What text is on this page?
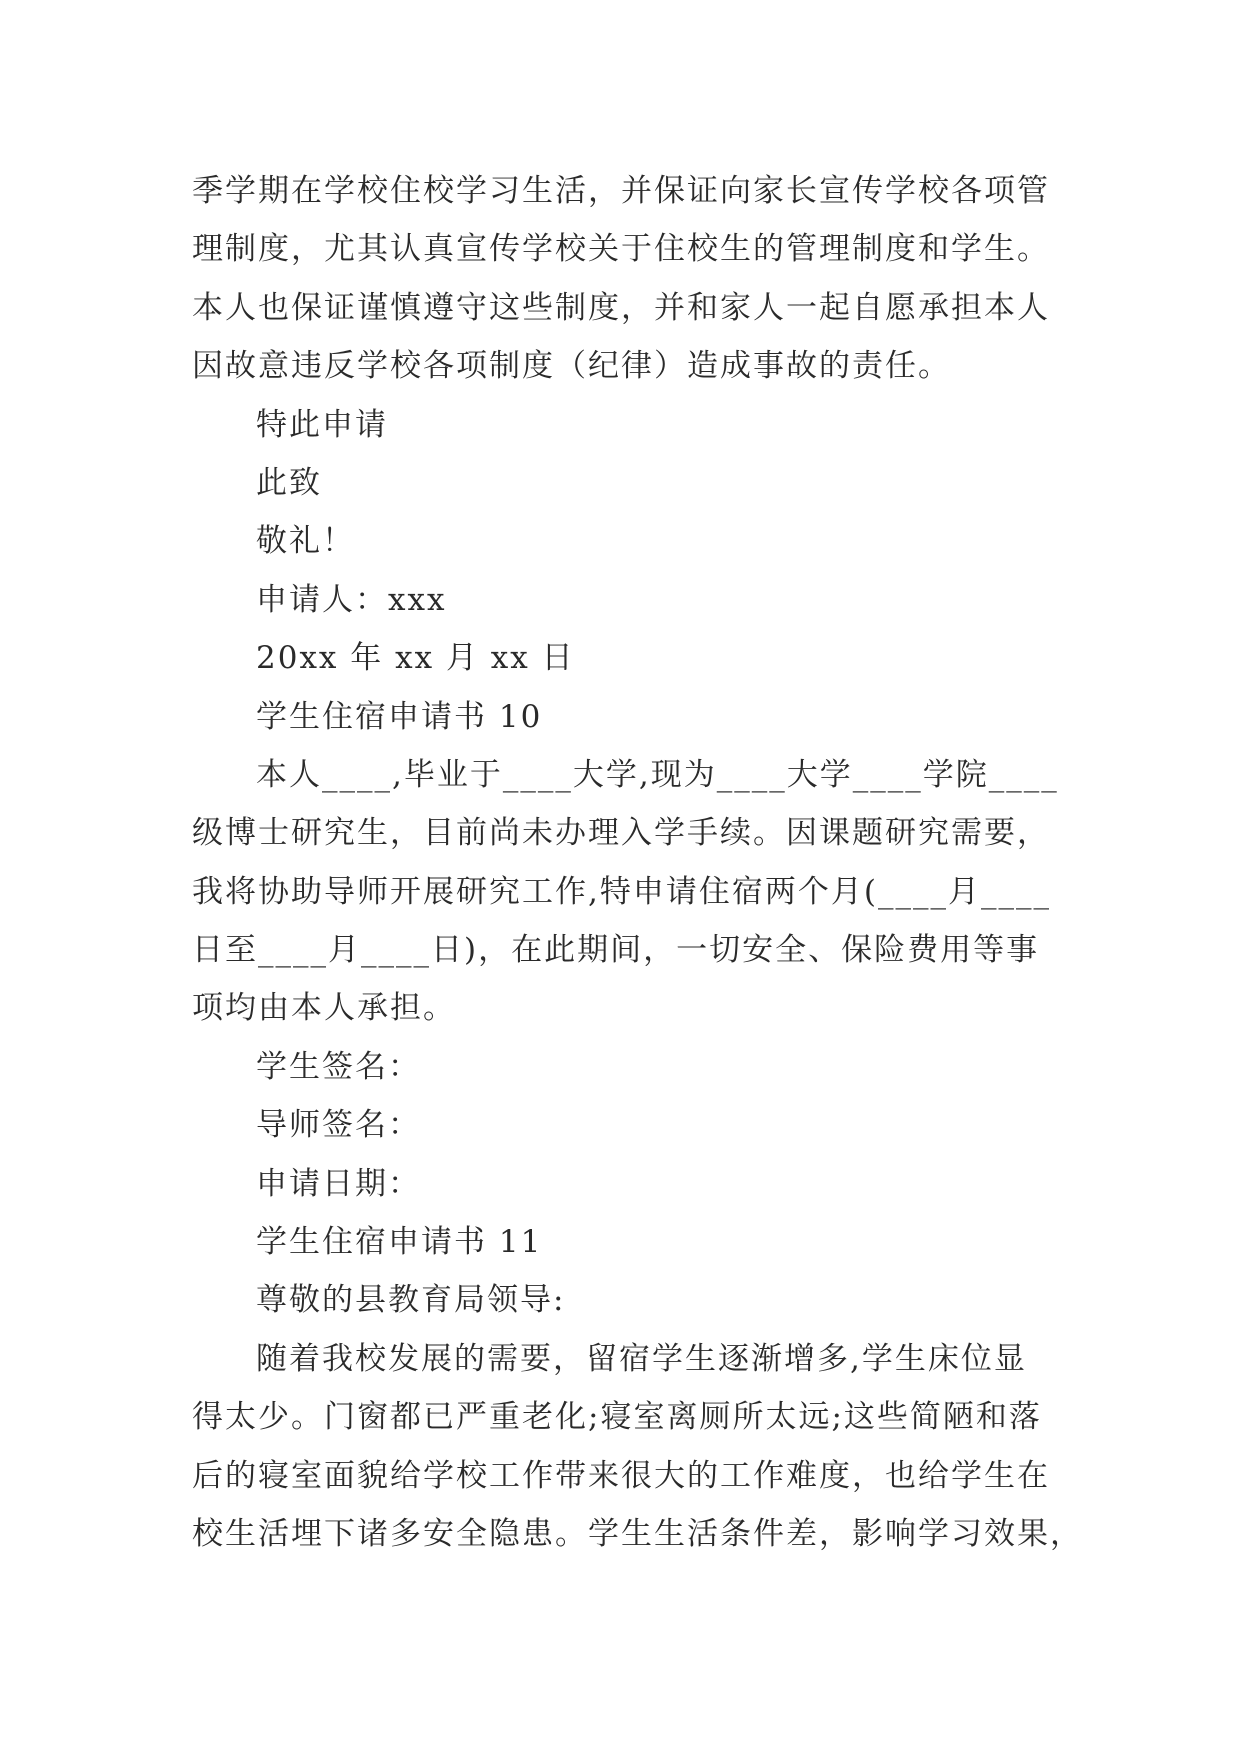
季学期在学校住校学习生活，并保证向家长宣传学校各项管
理制度，尤其认真宣传学校关于住校生的管理制度和学生。
本人也保证谨慎遵守这些制度，并和家人一起自愿承担本人
因故意违反学校各项制度（纪律）造成事故的责任。
特此申请
此致
敬礼！
申请人：xxx
20xx 年 xx 月 xx 日
学生住宿申请书 10
本人____,毕业于____大学,现为____大学____学院____
级博士研究生，目前尚未办理入学手续。因课题研究需要，
我将协助导师开展研究工作,特申请住宿两个月(____月____
日至____月____日)，在此期间，一切安全、保险费用等事
项均由本人承担。
学生签名：
导师签名：
申请日期：
学生住宿申请书 11
尊敬的县教育局领导:
随着我校发展的需要，留宿学生逐渐增多,学生床位显
得太少。门窗都已严重老化;寝室离厕所太远;这些简陋和落
后的寝室面貌给学校工作带来很大的工作难度，也给学生在
校生活埋下诸多安全隐患。学生生活条件差，影响学习效果，
